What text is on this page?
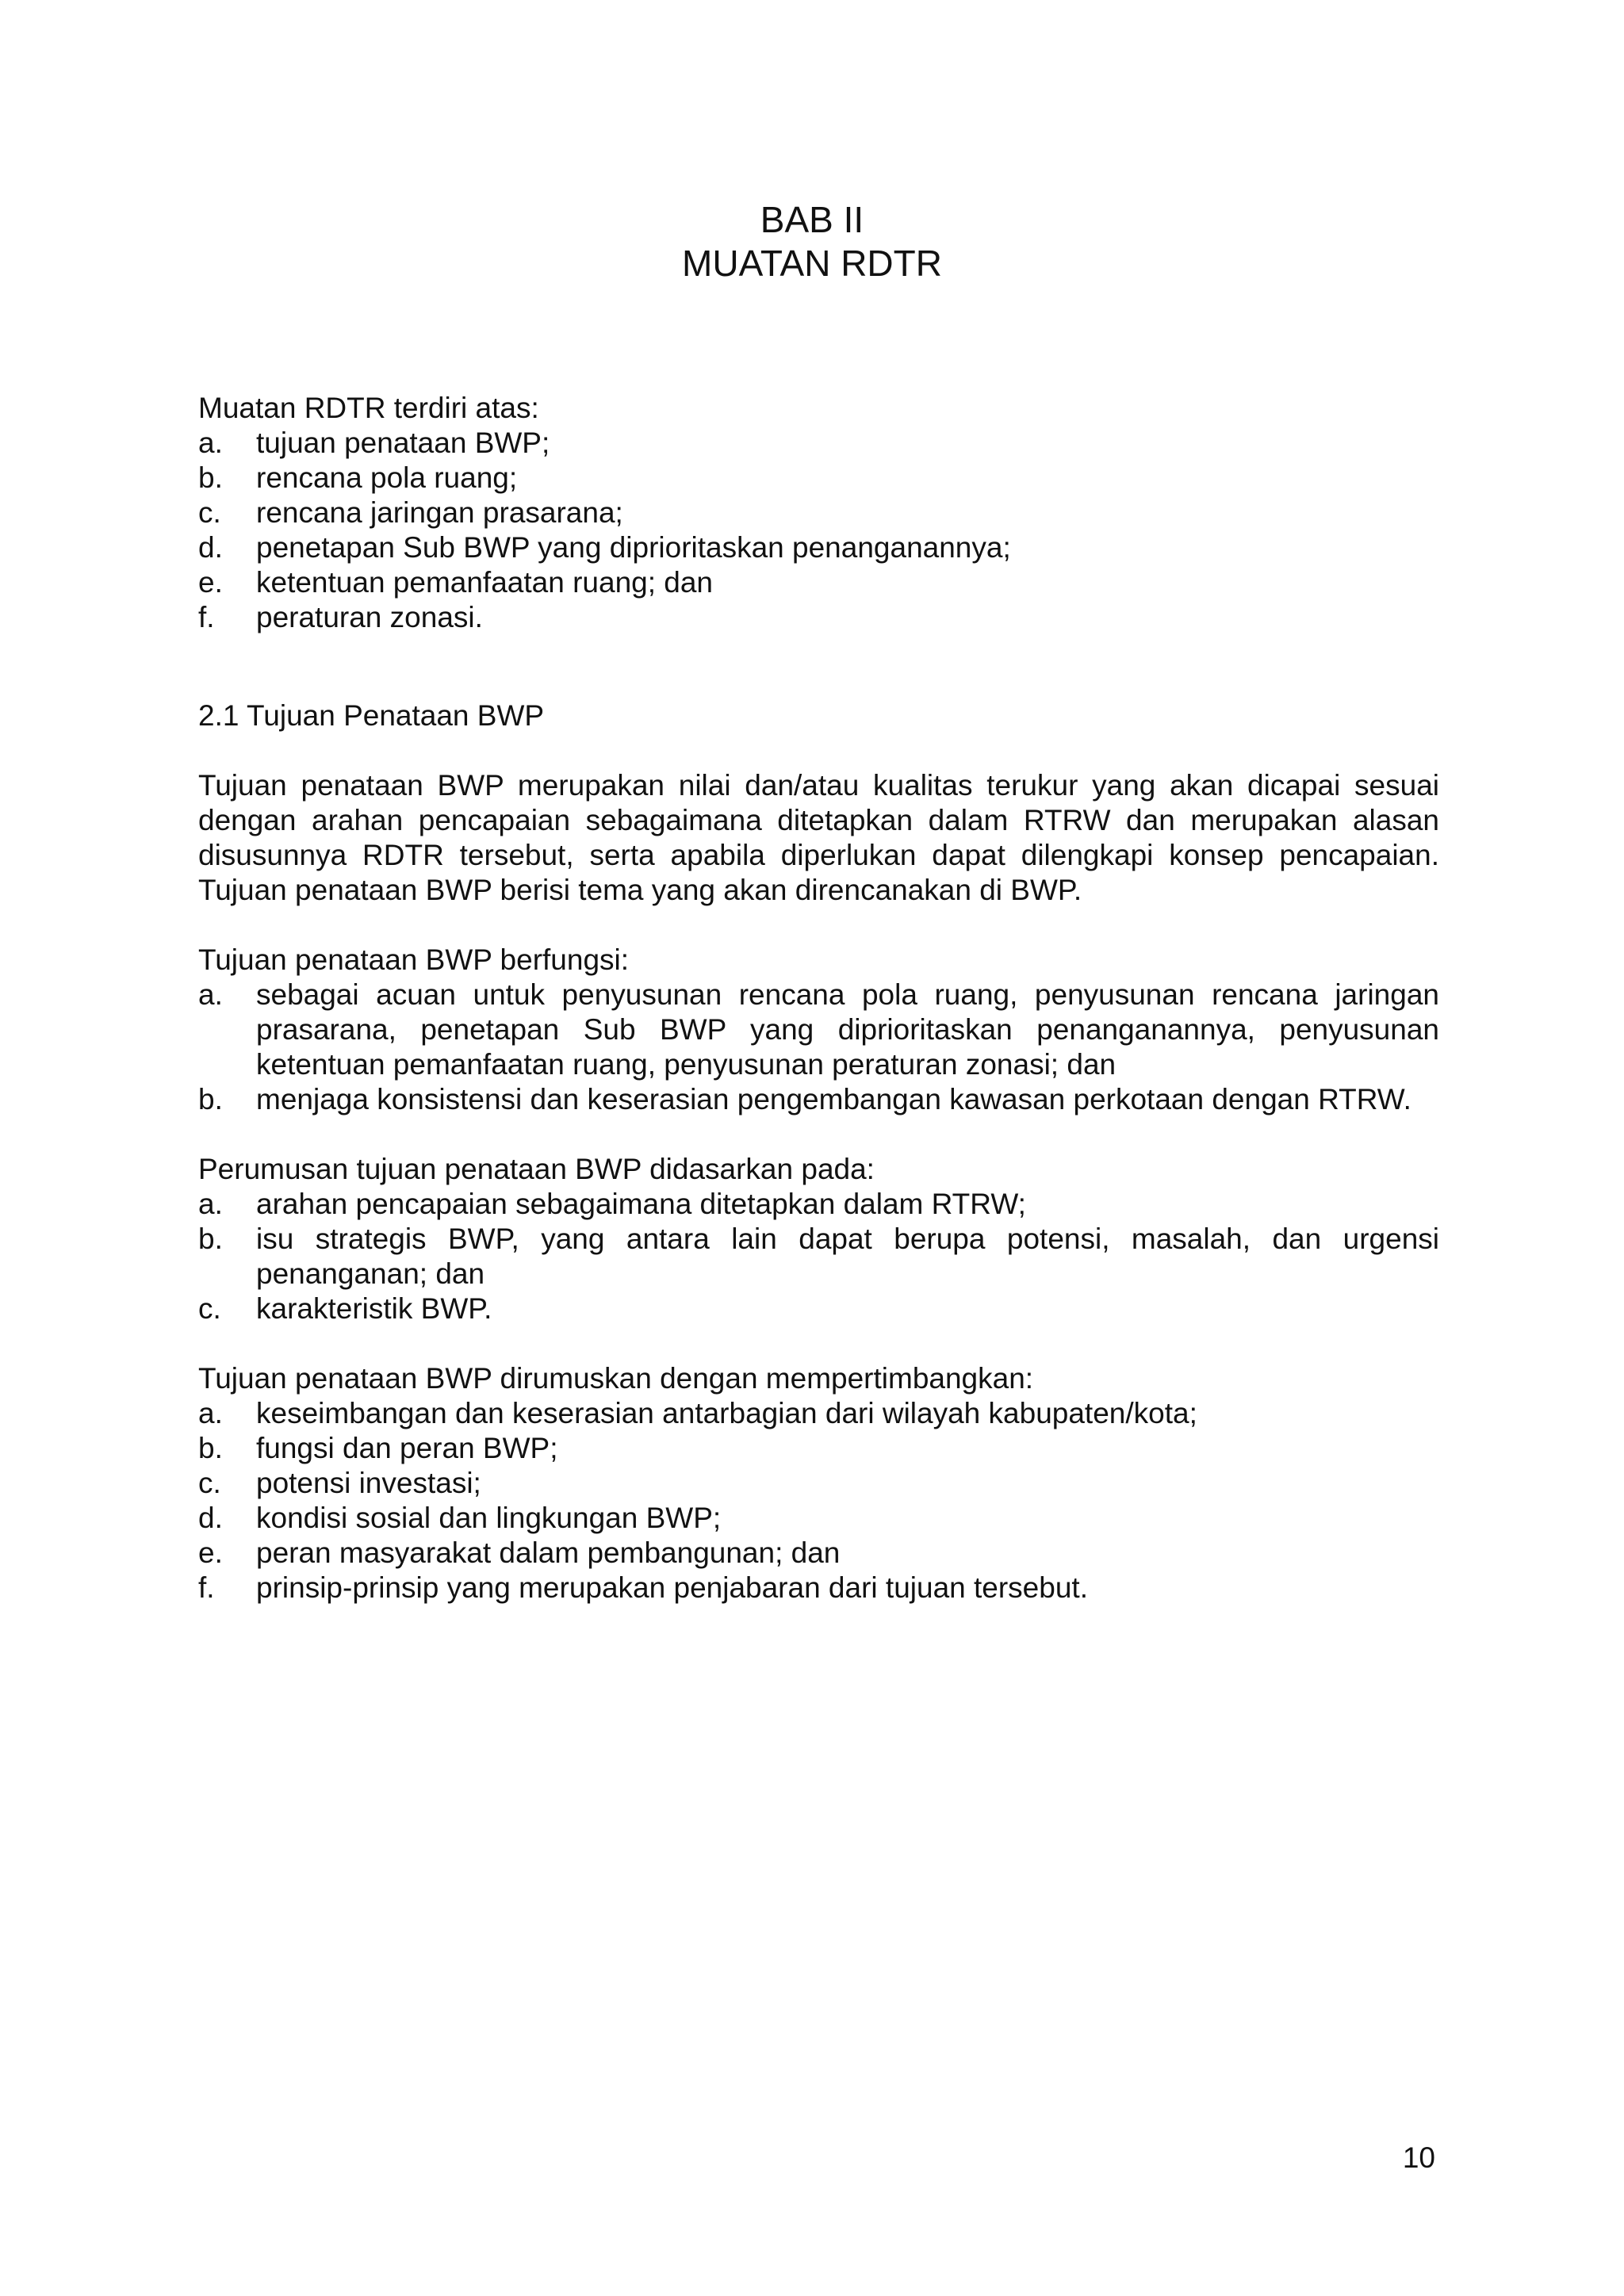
BAB II
MUATAN RDTR

Muatan RDTR terdiri atas:

a. tujuan penataan BWP;
b. rencana pola ruang;
c. rencana jaringan prasarana;
d. penetapan Sub BWP yang diprioritaskan penanganannya;
e. ketentuan pemanfaatan ruang; dan
f. peraturan zonasi.

2.1 Tujuan Penataan BWP

Tujuan penataan BWP merupakan nilai dan/atau kualitas terukur yang akan dicapai sesuai dengan arahan pencapaian sebagaimana ditetapkan dalam RTRW dan merupakan alasan disusunnya RDTR tersebut, serta apabila diperlukan dapat dilengkapi konsep pencapaian. Tujuan penataan BWP berisi tema yang akan direncanakan di BWP.

Tujuan penataan BWP berfungsi:

a. sebagai acuan untuk penyusunan rencana pola ruang, penyusunan rencana jaringan prasarana, penetapan Sub BWP yang diprioritaskan penanganannya, penyusunan ketentuan pemanfaatan ruang, penyusunan peraturan zonasi; dan
b. menjaga konsistensi dan keserasian pengembangan kawasan perkotaan dengan RTRW.

Perumusan tujuan penataan BWP didasarkan pada:

a. arahan pencapaian sebagaimana ditetapkan dalam RTRW;
b. isu strategis BWP, yang antara lain dapat berupa potensi, masalah, dan urgensi penanganan; dan
c. karakteristik BWP.

Tujuan penataan BWP dirumuskan dengan mempertimbangkan:

a. keseimbangan dan keserasian antarbagian dari wilayah kabupaten/kota;
b. fungsi dan peran BWP;
c. potensi investasi;
d. kondisi sosial dan lingkungan BWP;
e. peran masyarakat dalam pembangunan; dan
f. prinsip-prinsip yang merupakan penjabaran dari tujuan tersebut.
10
